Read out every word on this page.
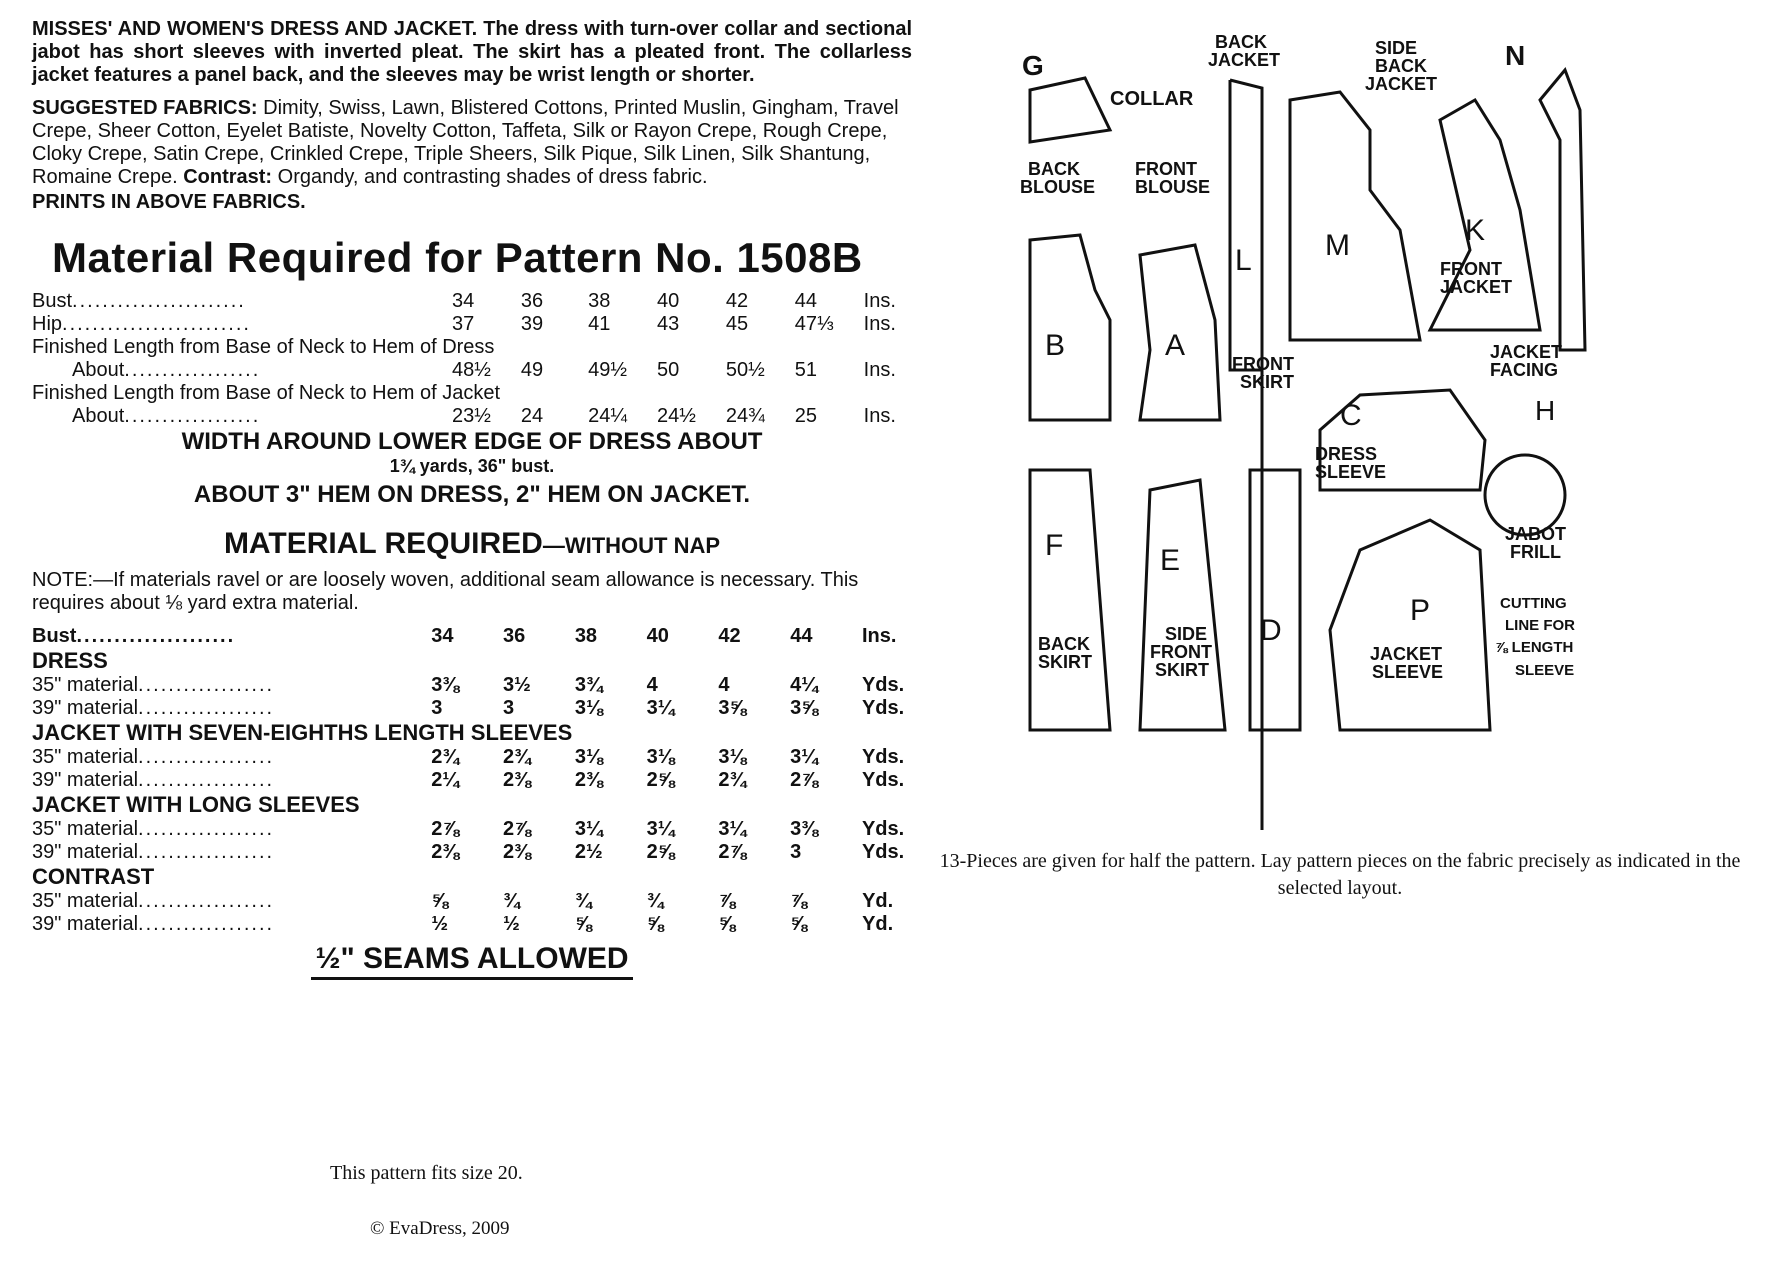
MISSES' AND WOMEN'S DRESS AND JACKET. The dress with turn-over collar and sectional jabot has short sleeves with inverted pleat. The skirt has a pleated front. The collarless jacket features a panel back, and the sleeves may be wrist length or shorter.

SUGGESTED FABRICS: Dimity, Swiss, Lawn, Blistered Cottons, Printed Muslin, Gingham, Travel Crepe, Sheer Cotton, Eyelet Batiste, Novelty Cotton, Taffeta, Silk or Rayon Crepe, Rough Crepe, Cloky Crepe, Satin Crepe, Crinkled Crepe, Triple Sheers, Silk Pique, Silk Linen, Silk Shantung, Romaine Crepe. Contrast: Organdy, and contrasting shades of dress fabric.

PRINTS IN ABOVE FABRICS.

Material Required for Pattern No. 1508B
Bust.......................	34	36	38	40	42	44	Ins.
Hip.........................	37	39	41	43	45	47⅓	Ins.
Finished Length from Base of Neck to Hem of Dress							
About..................	48½	49	49½	50	50½	51	Ins.
Finished Length from Base of Neck to Hem of Jacket							
About..................	23½	24	24¼	24½	24¾	25	Ins.
WIDTH AROUND LOWER EDGE OF DRESS ABOUT
1¾ yards, 36" bust.
ABOUT 3" HEM ON DRESS, 2" HEM ON JACKET.
MATERIAL REQUIRED—WITHOUT NAP
NOTE:—If materials ravel or are loosely woven, additional seam allowance is necessary. This requires about ⅛ yard extra material.
Bust.....................	34	36	38	40	42	44	Ins.
DRESS
35" material..................	3⅜	3½	3¾	4	4	4¼	Yds.
39" material..................	3	3	3⅛	3¼	3⅝	3⅝	Yds.
JACKET WITH SEVEN-EIGHTHS LENGTH SLEEVES
35" material..................	2¾	2¾	3⅛	3⅛	3⅛	3¼	Yds.
39" material..................	2¼	2⅜	2⅜	2⅝	2¾	2⅞	Yds.
JACKET WITH LONG SLEEVES
35" material..................	2⅞	2⅞	3¼	3¼	3¼	3⅜	Yds.
39" material..................	2⅜	2⅜	2½	2⅝	2⅞	3	Yds.
CONTRAST
35" material..................	⅝	¾	¾	¾	⅞	⅞	Yd.
39" material..................	½	½	⅝	⅝	⅝	⅝	Yd.
½" SEAMS ALLOWED
This pattern fits size 20.
© EvaDress, 2009
G
COLLAR
BACK
JACKET
SIDE
BACK
JACKET
N
BACK
BLOUSE
FRONT
BLOUSE
B	A
L M	K
FRONT
JACKET
JACKET
FACING
FRONT
SKIRT
C	H
DRESS
SLEEVE
JABOT
FRILL
F	E
D
P
BACK
SKIRT
SIDE
FRONT
SKIRT
JACKET
SLEEVE
CUTTING
LINE FOR
⅞ LENGTH
SLEEVE
13-Pieces are given for half the pattern. Lay pattern pieces on the fabric precisely as indicated in the selected layout.
